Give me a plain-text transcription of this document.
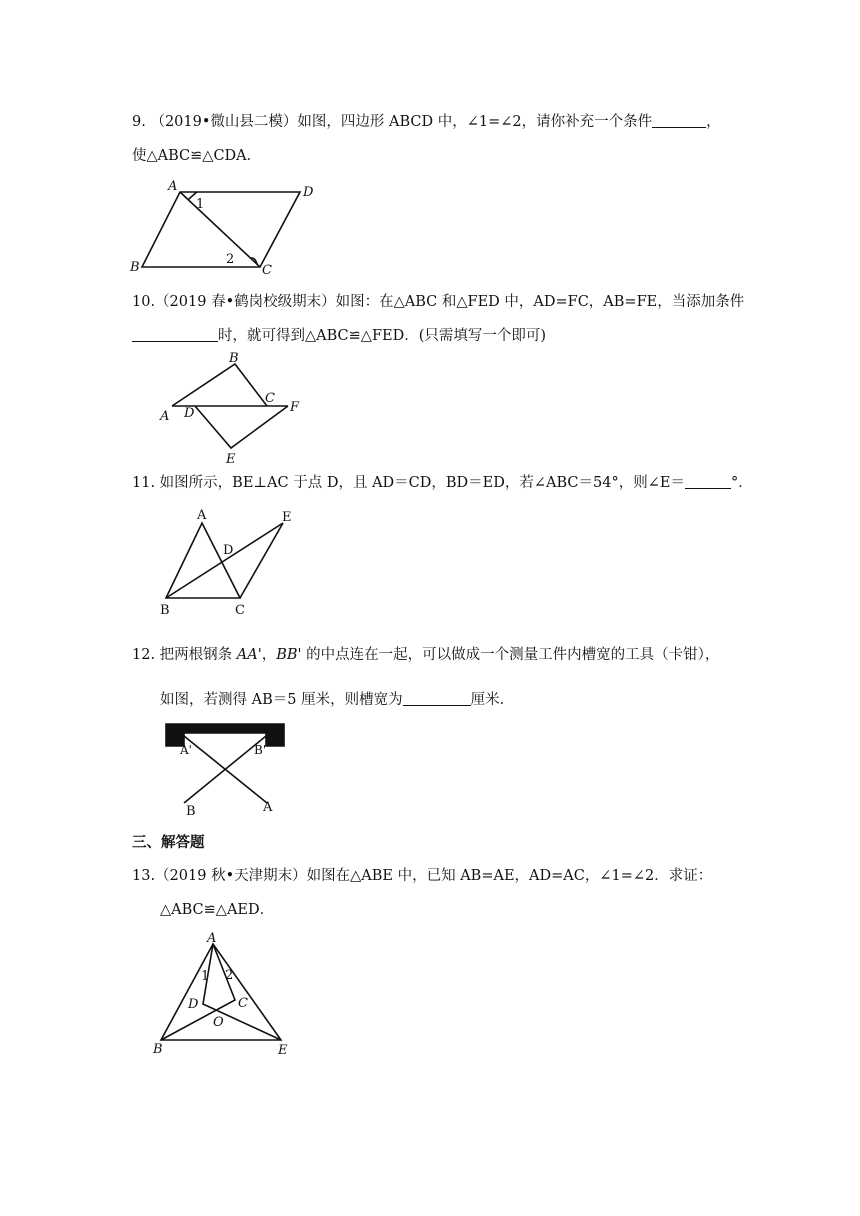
9. （2019•微山县二模）如图，四边形 ABCD 中，∠1=∠2，请你补充一个条件	，
使△ABC≌△CDA．
A	D
1
2
B	C
10.（2019 春•鹤岗校级期末）如图：在△ABC 和△FED 中，AD=FC，AB=FE，当添加条件
时，就可得到△ABC≌△FED．(只需填写一个即可)
B
C
F
A D
E
11. 如图所示，BE⊥AC 于点 D，且 AD＝CD，BD＝ED，若∠ABC＝54°，则∠E＝	°．
A	E
D
B	C
12. 把两根钢条 AA'，BB' 的中点连在一起，可以做成一个测量工件内槽宽的工具（卡钳），
如图，若测得 AB＝5 厘米，则槽宽为	厘米．
A'	B'
B	A
三、解答题
13.（2019 秋•天津期末）如图在△ABE 中，已知 AB=AE，AD=AC，∠1=∠2．求证：
△ABC≌△AED．
A
1 2
D	C
O
B	E
